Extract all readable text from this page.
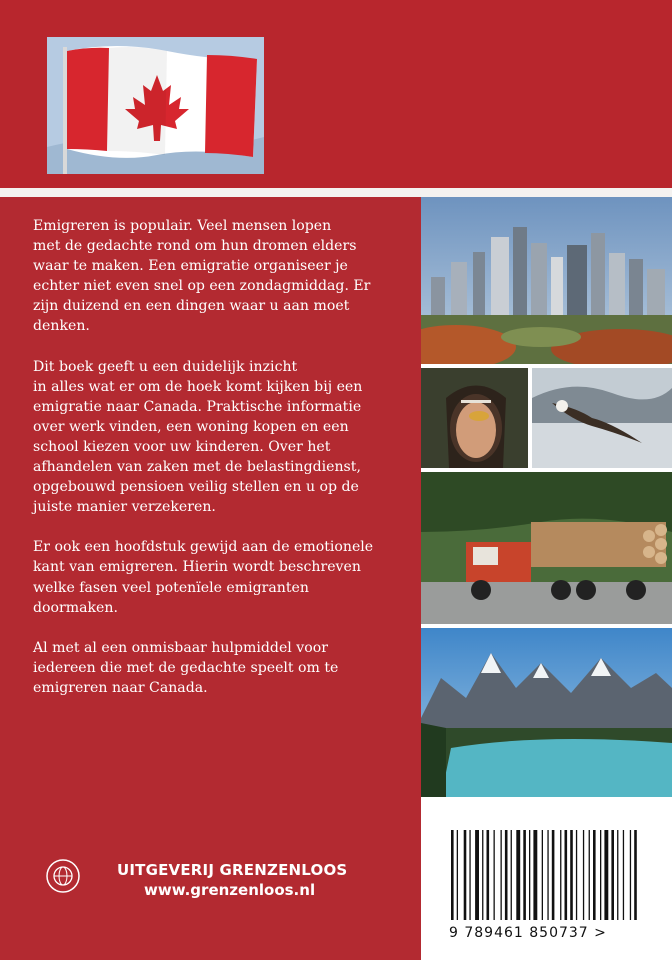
Emigreren is populair. Veel mensen lopen
met de gedachte rond om hun dromen elders
waar te maken. Een emigratie organiseer je
echter niet even snel op een zondagmiddag. Er
zijn duizend en een dingen waar u aan moet
denken.

Dit boek geeft u een duidelijk inzicht
in alles wat er om de hoek komt kijken bij een
emigratie naar Canada. Praktische informatie
over werk vinden, een woning kopen en een
school kiezen voor uw kinderen. Over het
afhandelen van zaken met de belastingdienst,
opgebouwd pensioen veilig stellen en u op de
juiste manier verzekeren.

Er ook een hoofdstuk gewijd aan de emotionele
kant van emigreren. Hierin wordt beschreven
welke fasen veel potenïele emigranten
doormaken.

Al met al een onmisbaar hulpmiddel voor
iedereen die met de gedachte speelt om te
emigreren naar Canada.

9 789461 850737 >
UITGEVERIJ GRENZENLOOS
www.grenzenloos.nl
